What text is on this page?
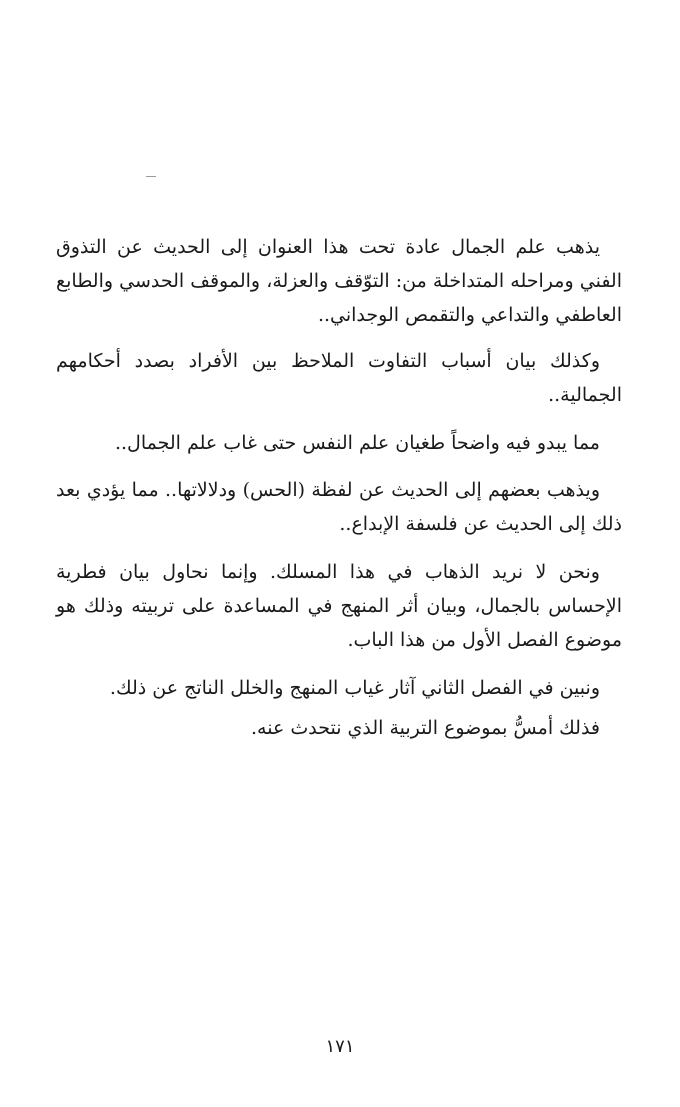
يذهب علم الجمال عادة تحت هذا العنوان إلى الحديث عن التذوق الفني ومراحله المتداخلة من: التوّقف والعزلة، والموقف الحدسي والطابع العاطفي والتداعي والتقمص الوجداني..

وكذلك بيان أسباب التفاوت الملاحظ بين الأفراد بصدد أحكامهم الجمالية..

مما يبدو فيه واضحاً طغيان علم النفس حتى غاب علم الجمال..

ويذهب بعضهم إلى الحديث عن لفظة (الحس) ودلالاتها.. مما يؤدي بعد ذلك إلى الحديث عن فلسفة الإبداع..

ونحن لا نريد الذهاب في هذا المسلك. وإنما نحاول بيان فطرية الإحساس بالجمال، وبيان أثر المنهج في المساعدة على تربيته وذلك هو موضوع الفصل الأول من هذا الباب.

ونبين في الفصل الثاني آثار غياب المنهج والخلل الناتج عن ذلك.

فذلك أمسُّ بموضوع التربية الذي نتحدث عنه.

١٧١
